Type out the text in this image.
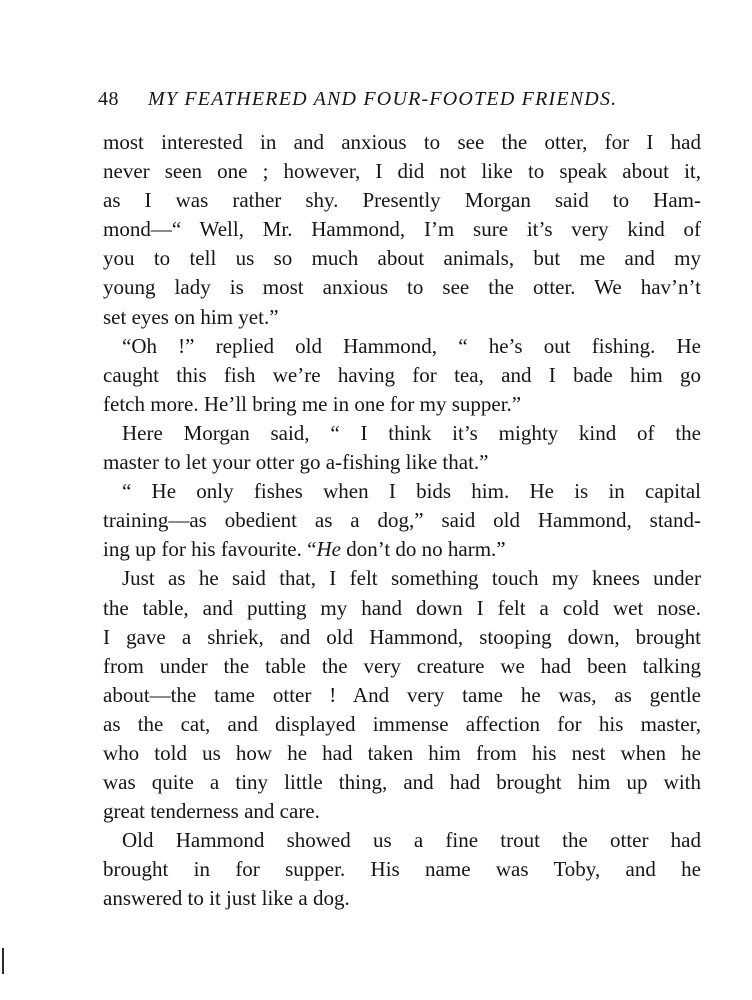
48 MY FEATHERED AND FOUR-FOOTED FRIENDS.
most interested in and anxious to see the otter, for I had
never seen one ; however, I did not like to speak about it,
as I was rather shy. Presently Morgan said to Ham-
mond—“ Well, Mr. Hammond, I’m sure it’s very kind of
you to tell us so much about animals, but me and my
young lady is most anxious to see the otter. We hav’n’t
set eyes on him yet.”
“Oh !” replied old Hammond, “ he’s out fishing. He
caught this fish we’re having for tea, and I bade him go
fetch more. He’ll bring me in one for my supper.”
Here Morgan said, “ I think it’s mighty kind of the
master to let your otter go a-fishing like that.”
“ He only fishes when I bids him. He is in capital
training—as obedient as a dog,” said old Hammond, stand-
ing up for his favourite. “He don’t do no harm.”
Just as he said that, I felt something touch my knees under
the table, and putting my hand down I felt a cold wet nose.
I gave a shriek, and old Hammond, stooping down, brought
from under the table the very creature we had been talking
about—the tame otter ! And very tame he was, as gentle
as the cat, and displayed immense affection for his master,
who told us how he had taken him from his nest when he
was quite a tiny little thing, and had brought him up with
great tenderness and care.
Old Hammond showed us a fine trout the otter had
brought in for supper. His name was Toby, and he
answered to it just like a dog.
